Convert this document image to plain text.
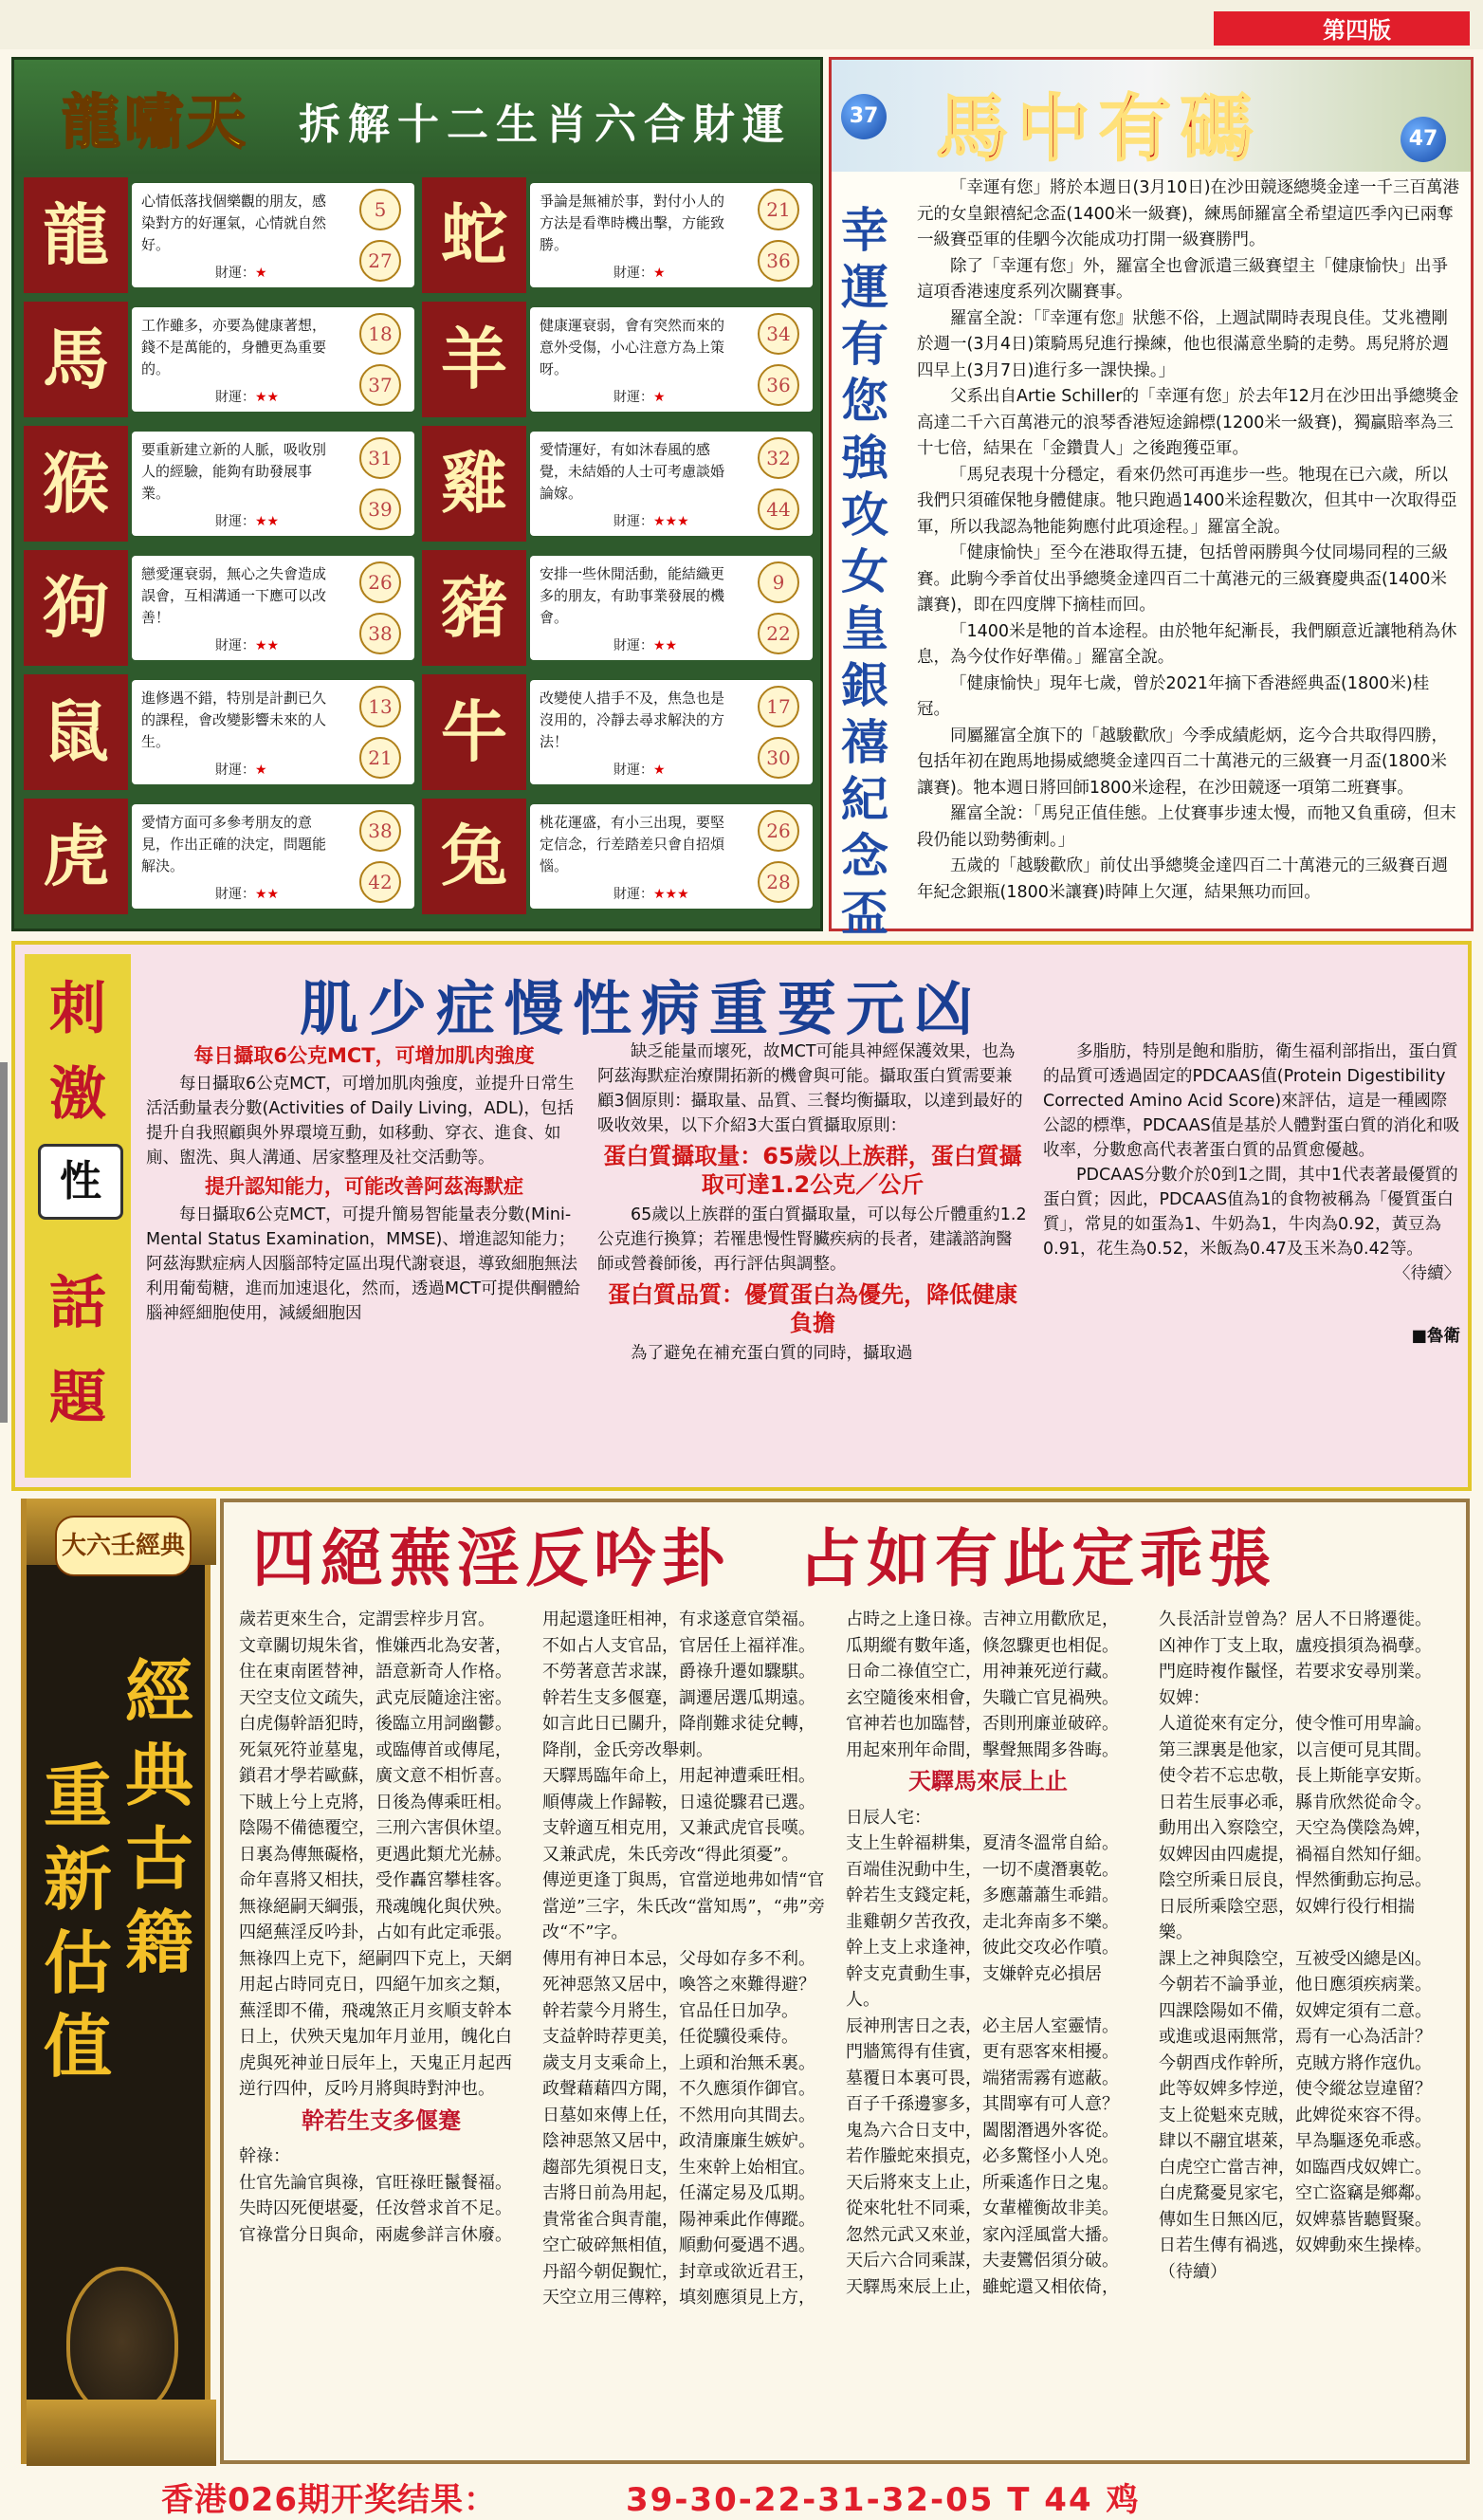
第四版
龍嘯天 拆解十二生肖六合財運
龍	心情低落找個樂觀的朋友，感染對方的好運氣，心情就自然好。
財運：★
5
27
馬	工作雖多，亦要為健康著想，錢不是萬能的，身體更為重要的。
財運：★★
18
37
猴	要重新建立新的人脈，吸收別人的經驗，能夠有助發展事業。
財運：★★
31
39
狗	戀愛運衰弱，無心之失會造成誤會，互相溝通一下應可以改善！
財運：★★
26
38
鼠	進修遇不錯，特別是計劃已久的課程，會改變影響未來的人生。
財運：★
13
21
虎	愛情方面可多參考朋友的意見，作出正確的決定，問題能解決。
財運：★★
38
42
蛇	爭論是無補於事，對付小人的方法是看準時機出擊，方能致勝。
財運：★
21
36
羊	健康運衰弱，會有突然而來的意外受傷，小心注意方為上策呀。
財運：★
34
36
雞	愛情運好，有如沐春風的感覺，未結婚的人士可考慮談婚論嫁。
財運：★★★
32
44
豬	安排一些休閒活動，能結織更多的朋友，有助事業發展的機會。
財運：★★
9
22
牛	改變使人措手不及，焦急也是沒用的，冷靜去尋求解決的方法！
財運：★
17
30
兔	桃花運盛，有小三出現，要堅定信念，行差踏差只會自招煩惱。
財運：★★★
26
28
37 馬中有碼	47
幸運有您強攻女皇銀禧紀念盃

「幸運有您」將於本週日(3月10日)在沙田競逐總獎金達一千三百萬港元的女皇銀禧紀念盃(1400米一級賽)，練馬師羅富全希望這匹季內已兩奪一級賽亞軍的佳駟今次能成功打開一級賽勝門。

除了「幸運有您」外，羅富全也會派遣三級賽望主「健康愉快」出爭這項香港速度系列次關賽事。

羅富全說：「『幸運有您』狀態不俗，上週試閘時表現良佳。艾兆禮剛於週一(3月4日)策騎馬兒進行操練，他也很滿意坐騎的走勢。馬兒將於週四早上(3月7日)進行多一課快操。」

父系出自Artie Schiller的「幸運有您」於去年12月在沙田出爭總獎金高達二千六百萬港元的浪琴香港短途錦標(1200米一級賽)，獨贏賠率為三十七倍，結果在「金鑽貴人」之後跑獲亞軍。

「馬兒表現十分穩定，看來仍然可再進步一些。牠現在已六歲，所以我們只須確保牠身體健康。牠只跑過1400米途程數次，但其中一次取得亞軍，所以我認為牠能夠應付此項途程。」羅富全說。

「健康愉快」至今在港取得五捷，包括曾兩勝與今仗同場同程的三級賽。此駒今季首仗出爭總獎金達四百二十萬港元的三級賽慶典盃(1400米讓賽)，即在四度牌下摘桂而回。

「1400米是牠的首本途程。由於牠年紀漸長，我們願意近讓牠稍為休息，為今仗作好準備。」羅富全說。

「健康愉快」現年七歲，曾於2021年摘下香港經典盃(1800米)桂冠。

同屬羅富全旗下的「越駿歡欣」今季成績彪炳，迄今合共取得四勝，包括年初在跑馬地揚威總獎金達四百二十萬港元的三級賽一月盃(1800米讓賽)。牠本週日將回師1800米途程，在沙田競逐一項第二班賽事。

羅富全說：「馬兒正值佳態。上仗賽事步速太慢，而牠又負重磅，但末段仍能以勁勢衝刺。」

五歲的「越駿歡欣」前仗出爭總獎金達四百二十萬港元的三級賽百週年紀念銀瓶(1800米讓賽)時陣上欠運，結果無功而回。

刺
激
性
話
題
肌少症慢性病重要元凶
每日攝取6公克MCT，可增加肌肉強度

每日攝取6公克MCT，可增加肌肉強度，並提升日常生活活動量表分數(Activities of Daily Living，ADL)，包括提升自我照顧與外界環境互動，如移動、穿衣、進食、如廁、盥洗、與人溝通、居家整理及社交活動等。

提升認知能力，可能改善阿茲海默症

每日攝取6公克MCT，可提升簡易智能量表分數(Mini-Mental Status Examination，MMSE)、增進認知能力；阿茲海默症病人因腦部特定區出現代謝衰退，導致細胞無法利用葡萄糖，進而加速退化，然而，透過MCT可提供酮體給腦神經細胞使用，減緩細胞因

缺乏能量而壞死，故MCT可能具神經保護效果，也為阿茲海默症治療開拓新的機會與可能。攝取蛋白質需要兼顧3個原則：攝取量、品質、三餐均衡攝取，以達到最好的吸收效果，以下介紹3大蛋白質攝取原則：

蛋白質攝取量：65歲以上族群，蛋白質攝取可達1.2公克／公斤

65歲以上族群的蛋白質攝取量，可以每公斤體重約1.2公克進行換算；若罹患慢性腎臟疾病的長者，建議諮詢醫師或營養師後，再行評估與調整。

蛋白質品質：優質蛋白為優先，降低健康負擔

為了避免在補充蛋白質的同時，攝取過

多脂肪，特別是飽和脂肪，衛生福利部指出，蛋白質的品質可透過固定的PDCAAS值(Protein Digestibility Corrected Amino Acid Score)來評估，這是一種國際公認的標準，PDCAAS值是基於人體對蛋白質的消化和吸收率，分數愈高代表著蛋白質的品質愈優越。

PDCAAS分數介於0到1之間，其中1代表著最優質的蛋白質；因此，PDCAAS值為1的食物被稱為「優質蛋白質」，常見的如蛋為1、牛奶為1，牛肉為0.92，黃豆為0.91，花生為0.52，米飯為0.47及玉米為0.42等。

〈待續〉
■魯衛
大六壬經典
重新估值
經典古籍
四絕蕪淫反吟卦　占如有此定乖張

歲若更來生合，定謂雲梓步月宮。

文章關切規朱省，惟嫌西北為安著，

住在東南匿替神，語意新奇人作格。

天空支位文疏失，武克辰隨途注密。

白虎傷幹語犯時，後臨立用詞幽鬱。

死氣死符並墓鬼，或臨傳首或傳尾，

鎖君才學若歐蘇，廣文意不相忻喜。

下賊上兮上克將，日後為傳乘旺相。

陰陽不備德覆空，三刑六害俱休望。

日裏為傳無礙格，更遇此類尤光赫。

命年喜將又相扶，受作轟宮攀桂客。

無祿絕嗣天綱張，飛魂魄化與伏殃。

四絕蕪淫反吟卦，占如有此定乖張。

無祿四上克下，絕嗣四下克上，天網用起占時同克日，四絕午加亥之類，蕪淫即不備，飛魂煞正月亥順支幹本日上，伏殃天鬼加年月並用，魄化白虎與死神並日辰年上，天鬼正月起西逆行四仲，反吟月將與時對沖也。

幹若生支多偃蹇

幹祿：

仕官先論官與祿，官旺祿旺鬣餐福。

失時囚死便堪憂，任汝營求首不足。

官祿當分日與命，兩處參詳言休廢。

用起還逢旺相神，有求遂意官榮福。

不如占人支官品，官居任上福祥准。

不勞著意苦求謀，爵祿升遷如驟騏。

幹若生支多偃蹇，調遷居選瓜期遠。

如言此日已關升，降削難求徒兌轉，降削，金氏旁改舉刺。

天驛馬臨年命上，用起神遭乘旺相。

順傳歲上作歸鞍，日遠從驟君已選。

支幹適互相克用，又兼武虎官長嘆。

又兼武虎，朱氏旁改“得此須憂”。

傳逆更逢丁與馬，官當逆地弗如情“官當逆”三字，朱氏改“當知馬”，“弗”旁改“不”字。

傳用有神日本忌，父母如存多不利。

死神惡煞又居中，喚答之來難得避？

幹若蒙今月將生，官品任日加孕。

支益幹時荐更美，任從驥役乘侍。

歲支月支乘命上，上頭和治無禾裏。

政聲藉藉四方聞，不久應須作御官。

日墓如來傳上任，不然用向其間去。

陰神惡煞又居中，政清廉廉生嫉妒。

趨部先須視日支，生來幹上始相宜。

吉將日前為用起，任滿定易及瓜期。

貴常雀合與青龍，陽神乘此作傳蹤。

空亡破碎無相值，順勳何憂遇不遇。

丹韶今朝促覲忙，封章或欲近君王，天空立用三傳粹，填刻應須見上方，

占時之上逢日祿。吉神立用歡欣足，

瓜期縱有數年遙，倏忽驟更也相促。

日命二祿值空亡，用神兼死逆行藏。

玄空隨後來相會，失職亡官見禍殃。

官神若也加臨替，否則刑廉並破碎。

用起來刑年命間，擊聲無聞多咎晦。

天驛馬來辰上止

日辰人宅：

支上生幹福耕集，夏清冬溫常自給。

百端佳況動中生，一切不虞潛裏乾。

幹若生支錢定耗，多應蕭蕭生乖錯。

韭雞朝夕苦孜孜，走北奔南多不樂。

幹上支上求逢神，彼此交攻必作噴。

幹支克責動生事，支嫌幹克必損居人。

辰神刑害日之表，必主居人室靈情。

門牆篤得有佳賓，更有惡客來相擾。

墓覆日本裏可畏，端猪需霧有遮蔽。

百子千孫邊寥多，其間寧有可人意？

鬼為六合日支中，闔閣潛遇外客從。

若作螣蛇來損克，必多驚怪小人兇。

天后將來支上止，所乘遙作日之鬼。

從來牝牡不同乘，女輩權衡故非美。

忽然元武又來並，家內淫風當大播。

天后六合同乘謀，夫妻鸞侶須分破。

天驛馬來辰上止，雖蛇還又相依倚，

久長活計豈曾為？居人不日將遷徙。

凶神作丁支上取，盧疫損須為禍孽。門庭時複作鬣怪，若要求安尋別業。

奴婢：

人道從來有定分，使令惟可用卑論。

第三課裏是他家，以言便可見其間。

使令若不忘忠敬，長上斯能享安斯。

日若生辰事必乖，縣肯欣然從命令。

動用出入察陰空，天空為僕陰為婢，奴婢因由四處提，禍福自然知仔細。

陰空所乘日辰良，悍然衝動忘拘忌。

日辰所乘陰空惡，奴婢行役行相揣樂。

課上之神與陰空，互被受凶總是凶。

今朝若不論爭並，他日應須疾病業。

四課陰陽如不備，奴婢定須有二意。

或進或退兩無常，焉有一心為活計？

今朝酉戌作幹所，克賊方將作寇仇。

此等奴婢多悖逆，使令縱忿豈違留？

支上從魁來克賊，此婢從來容不得。肆以不翮宜堪萊，早為驅逐免乖惑。

白虎空亡當吉神，如臨酉戌奴婢亡。

白虎騖憂見家宅，空亡盜竊是鄉鄰。

傳如生日無凶厄，奴婢慕皆聽賢聚。

日若生傳有禍逃，奴婢動來生操棒。

（待續）

香港026期开奖结果：	39-30-22-31-32-05 T 44 鸡
